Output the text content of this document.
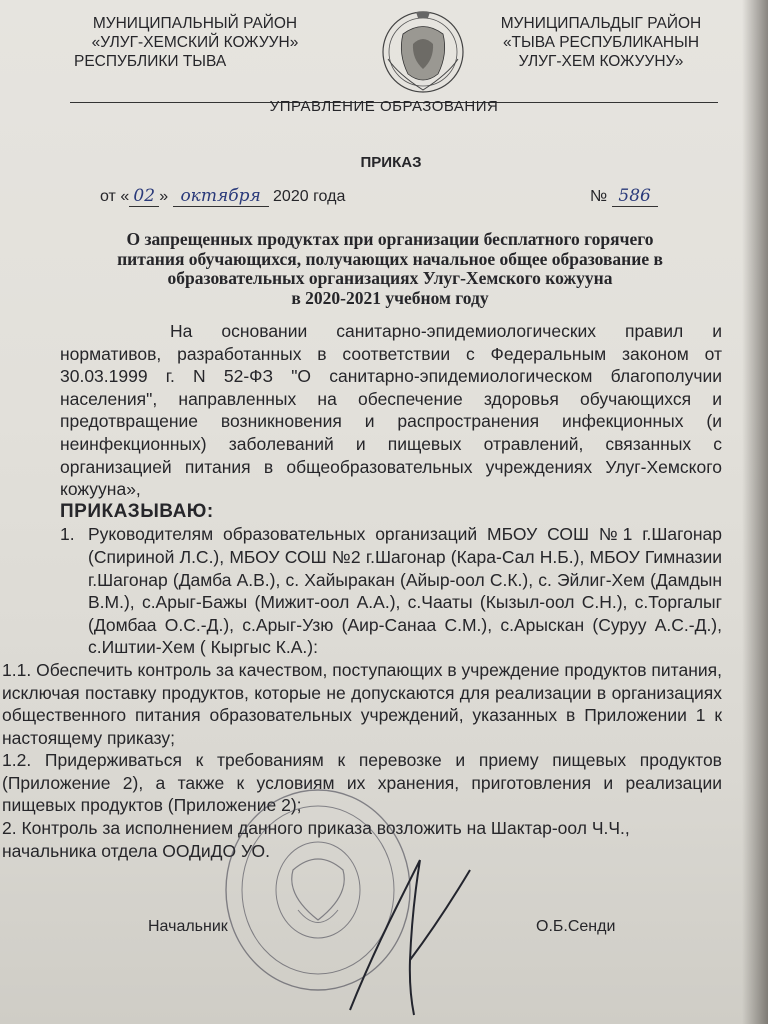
МУНИЦИПАЛЬНЫЙ РАЙОН
«УЛУГ-ХЕМСКИЙ КОЖУУН»
РЕСПУБЛИКИ ТЫВА
МУНИЦИПАЛЬДЫГ РАЙОН
«ТЫВА РЕСПУБЛИКАНЫН
УЛУГ-ХЕМ КОЖУУНУ»
УПРАВЛЕНИЕ ОБРАЗОВАНИЯ
ПРИКАЗ
от « 02 » октября 2020 года	№ 586
О запрещенных продуктах при организации бесплатного горячего
питания обучающихся, получающих начальное общее образование в
образовательных организациях Улуг-Хемского кожууна
в 2020-2021 учебном году

На основании санитарно-эпидемиологических правил и нормативов, разработанных в соответствии с Федеральным законом от 30.03.1999 г. N 52-ФЗ "О санитарно-эпидемиологическом благополучии населения", направленных на обеспечение здоровья обучающихся и предотвращение возникновения и распространения инфекционных (и неинфекционных) заболеваний и пищевых отравлений, связанных с организацией питания в общеобразовательных учреждениях Улуг-Хемского кожууна»,

ПРИКАЗЫВАЮ:

1. Руководителям образовательных организаций МБОУ СОШ №1 г.Шагонар (Спириной Л.С.), МБОУ СОШ №2 г.Шагонар (Кара-Сал Н.Б.), МБОУ Гимназии г.Шагонар (Дамба А.В.), с. Хайыракан (Айыр-оол С.К.), с. Эйлиг-Хем (Дамдын В.М.), с.Арыг-Бажы (Мижит-оол А.А.), с.Чааты (Кызыл-оол С.Н.), с.Торгалыг (Домбаа О.С.-Д.), с.Арыг-Узю (Аир-Санаа С.М.), с.Арыскан (Суруу А.С.-Д.), с.Иштии-Хем ( Кыргыс К.А.):

1.1. Обеспечить контроль за качеством, поступающих в учреждение продуктов питания, исключая поставку продуктов, которые не допускаются для реализации в организациях общественного питания образовательных учреждений, указанных в Приложении 1 к настоящему приказу;

1.2. Придерживаться к требованиям к перевозке и приему пищевых продуктов (Приложение 2), а также к условиям их хранения, приготовления и реализации пищевых продуктов (Приложение 2);

2. Контроль за исполнением данного приказа возложить на Шактар-оол Ч.Ч., начальника отдела ООДиДО УО.

Начальник	О.Б.Сенди
